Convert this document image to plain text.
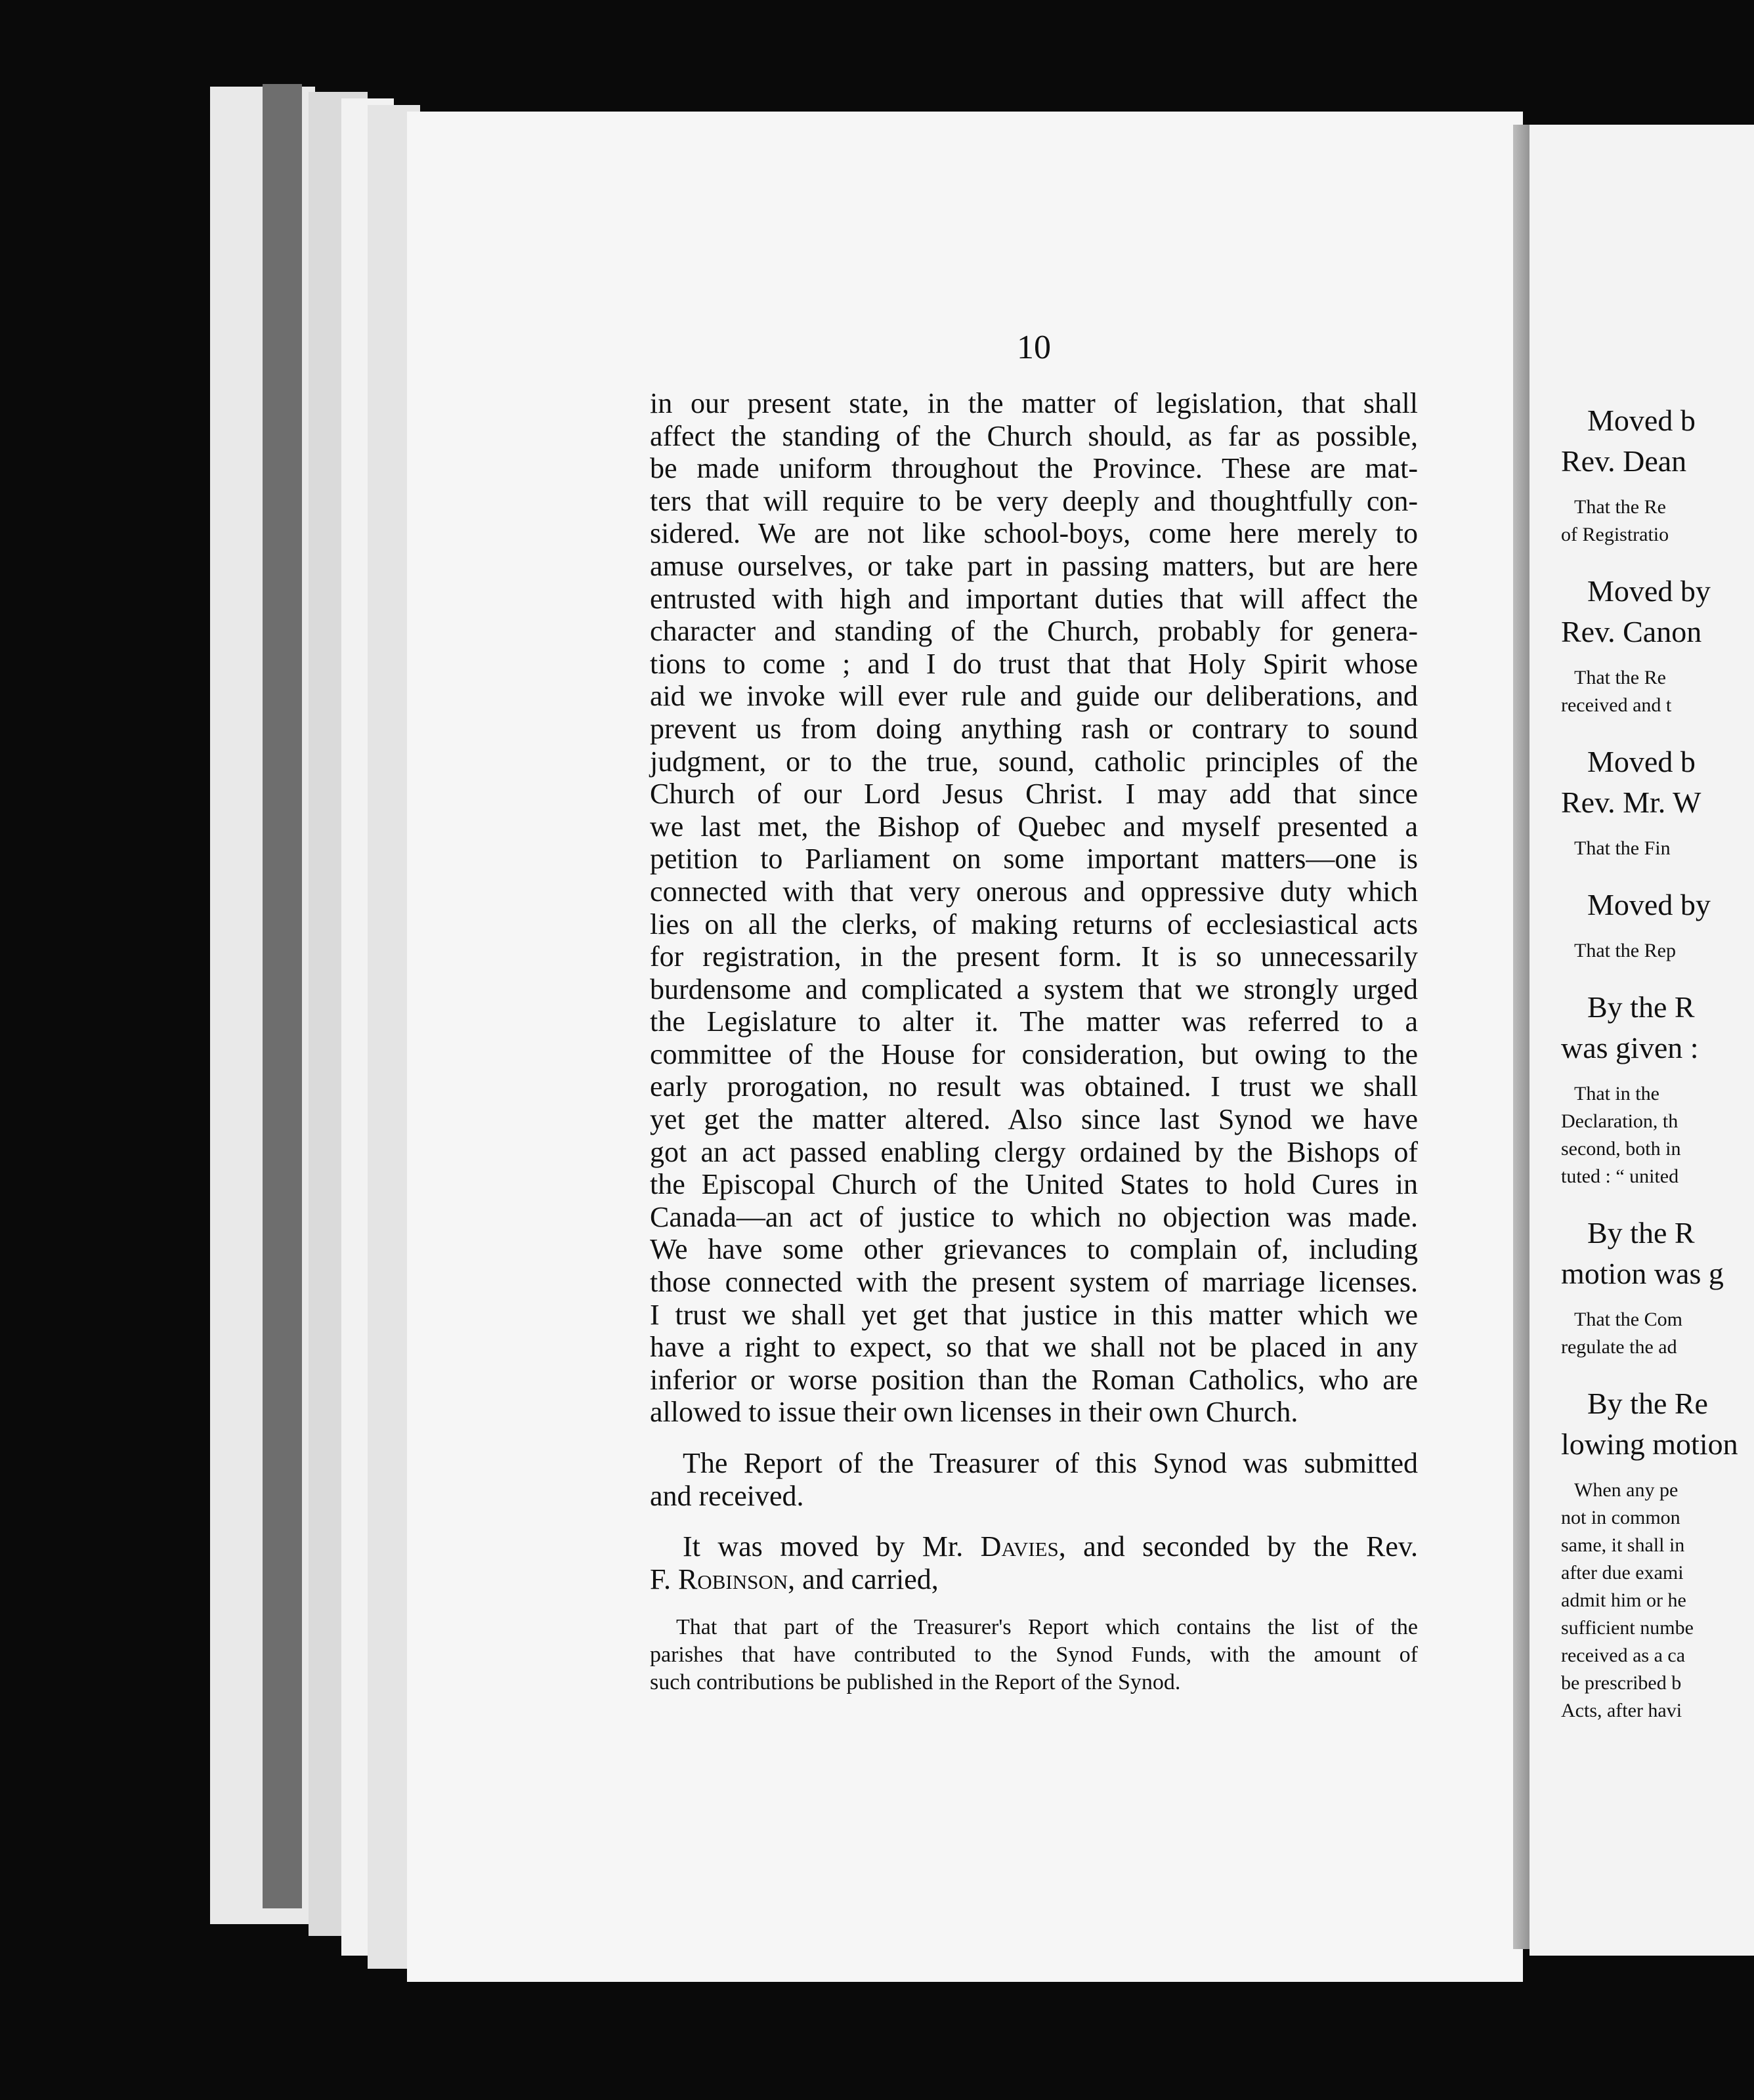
10
in our present state, in the matter of legislation, that shall
affect the standing of the Church should, as far as possible,
be made uniform throughout the Province. These are mat-
ters that will require to be very deeply and thoughtfully con-
sidered. We are not like school-boys, come here merely to
amuse ourselves, or take part in passing matters, but are here
entrusted with high and important duties that will affect the
character and standing of the Church, probably for genera-
tions to come ; and I do trust that that Holy Spirit whose
aid we invoke will ever rule and guide our deliberations, and
prevent us from doing anything rash or contrary to sound
judgment, or to the true, sound, catholic principles of the
Church of our Lord Jesus Christ. I may add that since
we last met, the Bishop of Quebec and myself presented a
petition to Parliament on some important matters—one is
connected with that very onerous and oppressive duty which
lies on all the clerks, of making returns of ecclesiastical acts
for registration, in the present form. It is so unnecessarily
burdensome and complicated a system that we strongly urged
the Legislature to alter it. The matter was referred to a
committee of the House for consideration, but owing to the
early prorogation, no result was obtained. I trust we shall
yet get the matter altered. Also since last Synod we have
got an act passed enabling clergy ordained by the Bishops of
the Episcopal Church of the United States to hold Cures in
Canada—an act of justice to which no objection was made.
We have some other grievances to complain of, including
those connected with the present system of marriage licenses.
I trust we shall yet get that justice in this matter which we
have a right to expect, so that we shall not be placed in any
inferior or worse position than the Roman Catholics, who are
allowed to issue their own licenses in their own Church.
The Report of the Treasurer of this Synod was submitted
and received.
It was moved by Mr. Davies, and seconded by the Rev.
F. Robinson, and carried,
That that part of the Treasurer's Report which contains the list of the
parishes that have contributed to the Synod Funds, with the amount of
such contributions be published in the Report of the Synod.
Moved b
Rev. Dean
That the Re
of Registratio
Moved by
Rev. Canon
That the Re
received and t
Moved b
Rev. Mr. W
That the Fin
Moved by
That the Rep
By the R
was given :
That in the
Declaration, th
second, both in
tuted : “ united
By the R
motion was g
That the Com
regulate the ad
By the Re
lowing motion
When any pe
not in common
same, it shall in
after due exami
admit him or he
sufficient numbe
received as a ca
be prescribed b
Acts, after havi
